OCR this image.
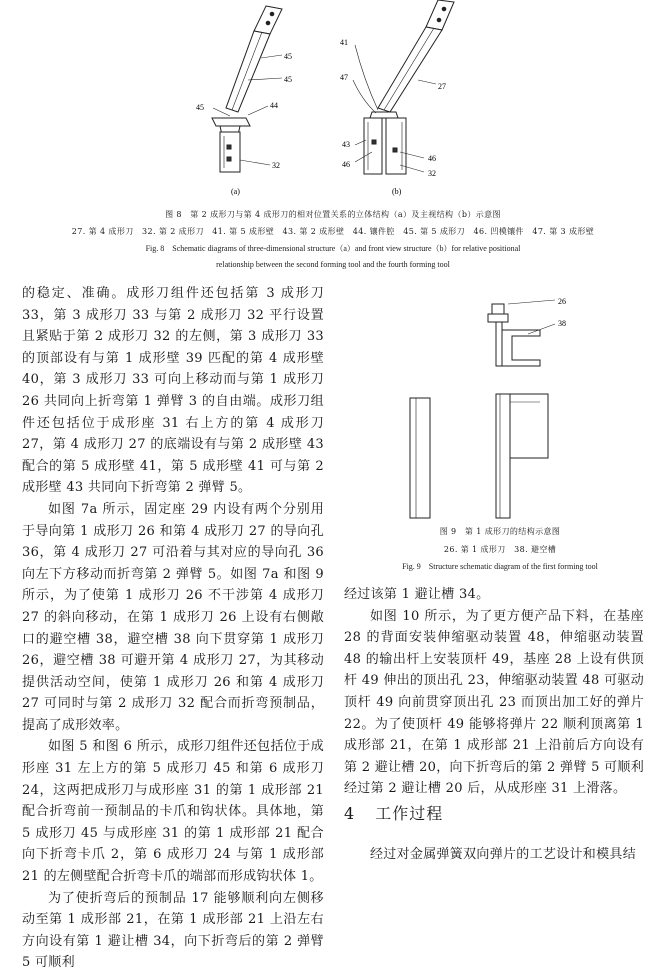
45
45
45	44
32
(a)
41
47
27
43
46
46
32
(b)
图 8　第 2 成形刀与第 4 成形刀的相对位置关系的立体结构（a）及主视结构（b）示意图
27. 第 4 成形刀　32. 第 2 成形刀　41. 第 5 成形壁　43. 第 2 成形壁　44. 镶件腔　45. 第 5 成形刀　46. 凹模镶件　47. 第 3 成形壁
Fig. 8　Schematic diagrams of three-dimensional structure（a）and front view structure（b）for relative positional
relationship between the second forming tool and the fourth forming tool

的稳定、准确。成形刀组件还包括第 3 成形刀 33，第 3 成形刀 33 与第 2 成形刀 32 平行设置且紧贴于第 2 成形刀 32 的左侧，第 3 成形刀 33 的顶部设有与第 1 成形壁 39 匹配的第 4 成形壁 40，第 3 成形刀 33 可向上移动而与第 1 成形刀 26 共同向上折弯第 1 弹臂 3 的自由端。成形刀组件还包括位于成形座 31 右上方的第 4 成形刀 27，第 4 成形刀 27 的底端设有与第 2 成形壁 43 配合的第 5 成形壁 41，第 5 成形壁 41 可与第 2 成形壁 43 共同向下折弯第 2 弹臂 5。

如图 7a 所示，固定座 29 内设有两个分别用于导向第 1 成形刀 26 和第 4 成形刀 27 的导向孔 36，第 4 成形刀 27 可沿着与其对应的导向孔 36 向左下方移动而折弯第 2 弹臂 5。如图 7a 和图 9 所示，为了使第 1 成形刀 26 不干涉第 4 成形刀 27 的斜向移动，在第 1 成形刀 26 上设有右侧敞口的避空槽 38，避空槽 38 向下贯穿第 1 成形刀 26，避空槽 38 可避开第 4 成形刀 27，为其移动提供活动空间，使第 1 成形刀 26 和第 4 成形刀 27 可同时与第 2 成形刀 32 配合而折弯预制品，提高了成形效率。

如图 5 和图 6 所示，成形刀组件还包括位于成形座 31 左上方的第 5 成形刀 45 和第 6 成形刀 24，这两把成形刀与成形座 31 的第 1 成形部 21 配合折弯前一预制品的卡爪和钩状体。具体地，第 5 成形刀 45 与成形座 31 的第 1 成形部 21 配合向下折弯卡爪 2，第 6 成形刀 24 与第 1 成形部 21 的左侧壁配合折弯卡爪的端部而形成钩状体 1。

为了使折弯后的预制品 17 能够顺利向左侧移动至第 1 成形部 21，在第 1 成形部 21 上沿左右方向设有第 1 避让槽 34，向下折弯后的第 2 弹臂 5 可顺利

26
38
图 9　第 1 成形刀的结构示意图
26. 第 1 成形刀　38. 避空槽
Fig. 9　Structure schematic diagram of the first forming tool

经过该第 1 避让槽 34。

如图 10 所示，为了更方便产品下料，在基座 28 的背面安装伸缩驱动装置 48，伸缩驱动装置 48 的输出杆上安装顶杆 49，基座 28 上设有供顶杆 49 伸出的顶出孔 23，伸缩驱动装置 48 可驱动顶杆 49 向前贯穿顶出孔 23 而顶出加工好的弹片 22。为了使顶杆 49 能够将弹片 22 顺利顶离第 1 成形部 21，在第 1 成形部 21 上沿前后方向设有第 2 避让槽 20，向下折弯后的第 2 弹臂 5 可顺利经过第 2 避让槽 20 后，从成形座 31 上滑落。

4 工作过程

经过对金属弹簧双向弹片的工艺设计和模具结
